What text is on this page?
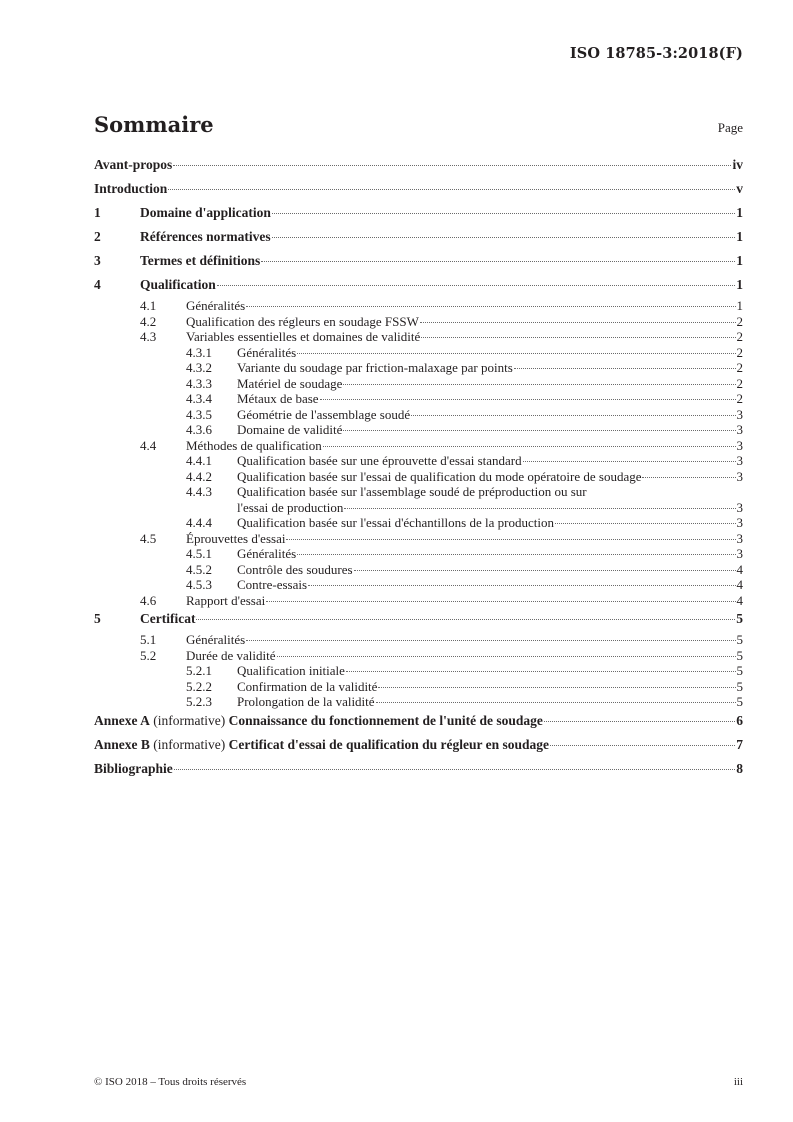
ISO 18785-3:2018(F)
Sommaire	Page
Avant-propos	iv
Introduction	v
1	Domaine d'application	1
2	Références normatives	1
3	Termes et définitions	1
4	Qualification	1
4.1	Généralités	1
4.2	Qualification des régleurs en soudage FSSW	2
4.3	Variables essentielles et domaines de validité	2
4.3.1	Généralités	2
4.3.2	Variante du soudage par friction-malaxage par points	2
4.3.3	Matériel de soudage	2
4.3.4	Métaux de base	2
4.3.5	Géométrie de l'assemblage soudé	3
4.3.6	Domaine de validité	3
4.4	Méthodes de qualification	3
4.4.1	Qualification basée sur une éprouvette d'essai standard	3
4.4.2	Qualification basée sur l'essai de qualification du mode opératoire de soudage	3
4.4.3	Qualification basée sur l'assemblage soudé de préproduction ou sur
l'essai de production	3
4.4.4	Qualification basée sur l'essai d'échantillons de la production	3
4.5	Éprouvettes d'essai	3
4.5.1	Généralités	3
4.5.2	Contrôle des soudures	4
4.5.3	Contre-essais	4
4.6	Rapport d'essai	4
5	Certificat	5
5.1	Généralités	5
5.2	Durée de validité	5
5.2.1	Qualification initiale	5
5.2.2	Confirmation de la validité	5
5.2.3	Prolongation de la validité	5
Annexe A (informative) Connaissance du fonctionnement de l'unité de soudage	6
Annexe B (informative) Certificat d'essai de qualification du régleur en soudage	7
Bibliographie	8
© ISO 2018 – Tous droits réservés	iii
